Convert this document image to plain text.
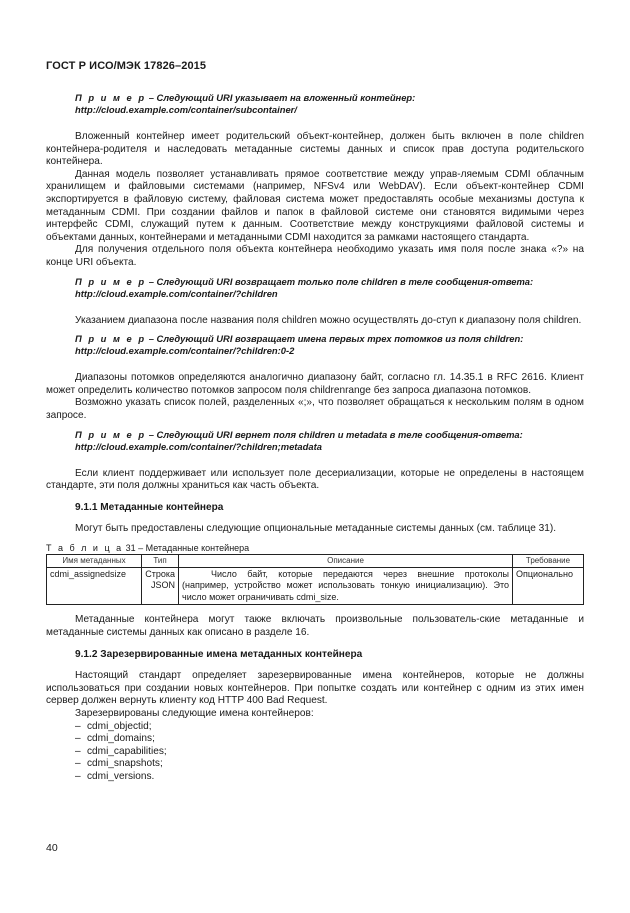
ГОСТ Р ИСО/МЭК 17826–2015
П р и м е р – Следующий URI указывает на вложенный контейнер:
http://cloud.example.com/container/subcontainer/

Вложенный контейнер имеет родительский объект-контейнер, должен быть включен в поле children контейнера-родителя и наследовать метаданные системы данных и список прав доступа родительского контейнера.

Данная модель позволяет устанавливать прямое соответствие между управ-ляемым CDMI облачным хранилищем и файловыми системами (например, NFSv4 или WebDAV). Если объект-контейнер CDMI экспортируется в файловую систему, файловая система может предоставлять особые механизмы доступа к метаданным CDMI. При создании файлов и папок в файловой системе они становятся видимыми через интерфейс CDMI, служащий путем к данным. Соответствие между конструкциями файловой системы и объектами данных, контейнерами и метаданными CDMI находится за рамками настоящего стандарта.

Для получения отдельного поля объекта контейнера необходимо указать имя поля после знака «?» на конце URI объекта.

П р и м е р – Следующий URI возвращает только поле children в теле сообщения-ответа:
http://cloud.example.com/container/?children

Указанием диапазона после названия поля children можно осуществлять до-ступ к диапазону поля children.

П р и м е р – Следующий URI возвращает имена первых трех потомков из поля children:
http://cloud.example.com/container/?children:0-2

Диапазоны потомков определяются аналогично диапазону байт, согласно гл. 14.35.1 в RFC 2616. Клиент может определить количество потомков запросом поля childrenrange без запроса диапазона потомков.

Возможно указать список полей, разделенных «;», что позволяет обращаться к нескольким полям в одном запросе.

П р и м е р – Следующий URI вернет поля children и metadata в теле сообщения-ответа:
http://cloud.example.com/container/?children;metadata

Если клиент поддерживает или использует поле десериализации, которые не определены в настоящем стандарте, эти поля должны храниться как часть объекта.

9.1.1 Метаданные контейнера

Могут быть предоставлены следующие опциональные метаданные системы данных (см. таблице 31).

Т а б л и ц а 31 – Метаданные контейнера
Имя метаданных	Тип	Описание	Требование
cdmi_assignedsize	Строка JSON	Число байт, которые передаются через внешние протоколы (например, устройство может использовать тонкую инициализацию). Это число может ограничивать cdmi_size.	Опционально

Метаданные контейнера могут также включать произвольные пользователь-ские метаданные и метаданные системы данных как описано в разделе 16.

9.1.2 Зарезервированные имена метаданных контейнера

Настоящий стандарт определяет зарезервированные имена контейнеров, которые не должны использоваться при создании новых контейнеров. При попытке создать или контейнер с одним из этих имен сервер должен вернуть клиенту код HTTP 400 Bad Request.

Зарезервированы следующие имена контейнеров:

– cdmi_objectid;
– cdmi_domains;
– cdmi_capabilities;
– cdmi_snapshots;
– cdmi_versions.
40
